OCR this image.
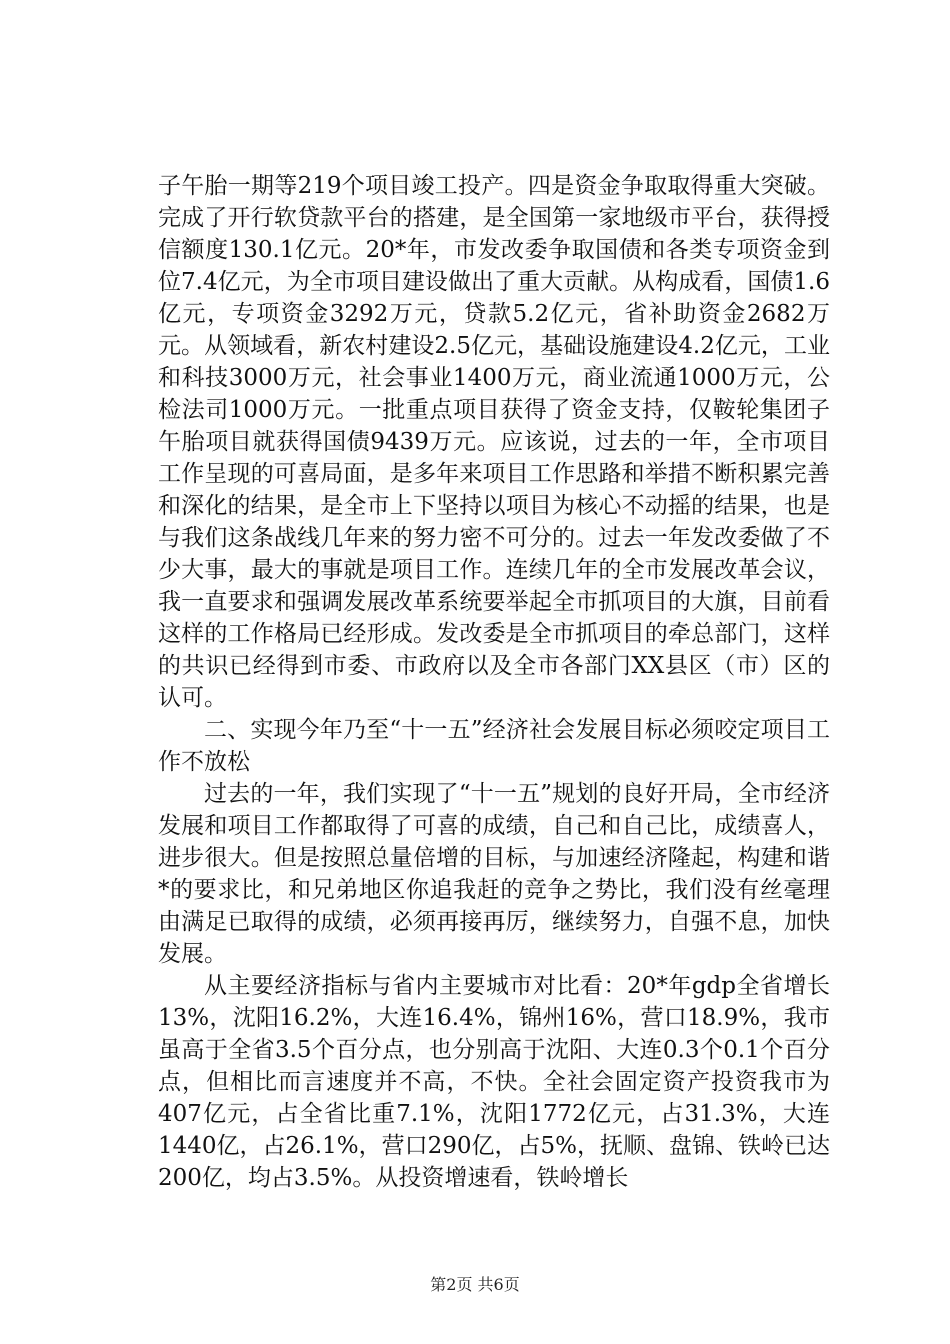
子午胎一期等219个项目竣工投产。四是资金争取取得重大突破。完成了开行软贷款平台的搭建，是全国第一家地级市平台，获得授信额度130.1亿元。20*年，市发改委争取国债和各类专项资金到位7.4亿元，为全市项目建设做出了重大贡献。从构成看，国债1.6亿元，专项资金3292万元，贷款5.2亿元，省补助资金2682万元。从领域看，新农村建设2.5亿元，基础设施建设4.2亿元，工业和科技3000万元，社会事业1400万元，商业流通1000万元，公检法司1000万元。一批重点项目获得了资金支持，仅鞍轮集团子午胎项目就获得国债9439万元。应该说，过去的一年，全市项目工作呈现的可喜局面，是多年来项目工作思路和举措不断积累完善和深化的结果，是全市上下坚持以项目为核心不动摇的结果，也是与我们这条战线几年来的努力密不可分的。过去一年发改委做了不少大事，最大的事就是项目工作。连续几年的全市发展改革会议，我一直要求和强调发展改革系统要举起全市抓项目的大旗，目前看这样的工作格局已经形成。发改委是全市抓项目的牵总部门，这样的共识已经得到市委、市政府以及全市各部门XX县区（市）区的认可。

二、实现今年乃至“十一五”经济社会发展目标必须咬定项目工作不放松

过去的一年，我们实现了“十一五”规划的良好开局，全市经济发展和项目工作都取得了可喜的成绩，自己和自己比，成绩喜人，进步很大。但是按照总量倍增的目标，与加速经济隆起，构建和谐*的要求比，和兄弟地区你追我赶的竞争之势比，我们没有丝毫理由满足已取得的成绩，必须再接再厉，继续努力，自强不息，加快发展。

从主要经济指标与省内主要城市对比看：20*年gdp全省增长13%，沈阳16.2%，大连16.4%，锦州16%，营口18.9%，我市虽高于全省3.5个百分点，也分别高于沈阳、大连0.3个0.1个百分点，但相比而言速度并不高，不快。全社会固定资产投资我市为407亿元，占全省比重7.1%，沈阳1772亿元，占31.3%，大连1440亿，占26.1%，营口290亿，占5%，抚顺、盘锦、铁岭已达200亿，均占3.5%。从投资增速看，铁岭增长

第2页 共6页
